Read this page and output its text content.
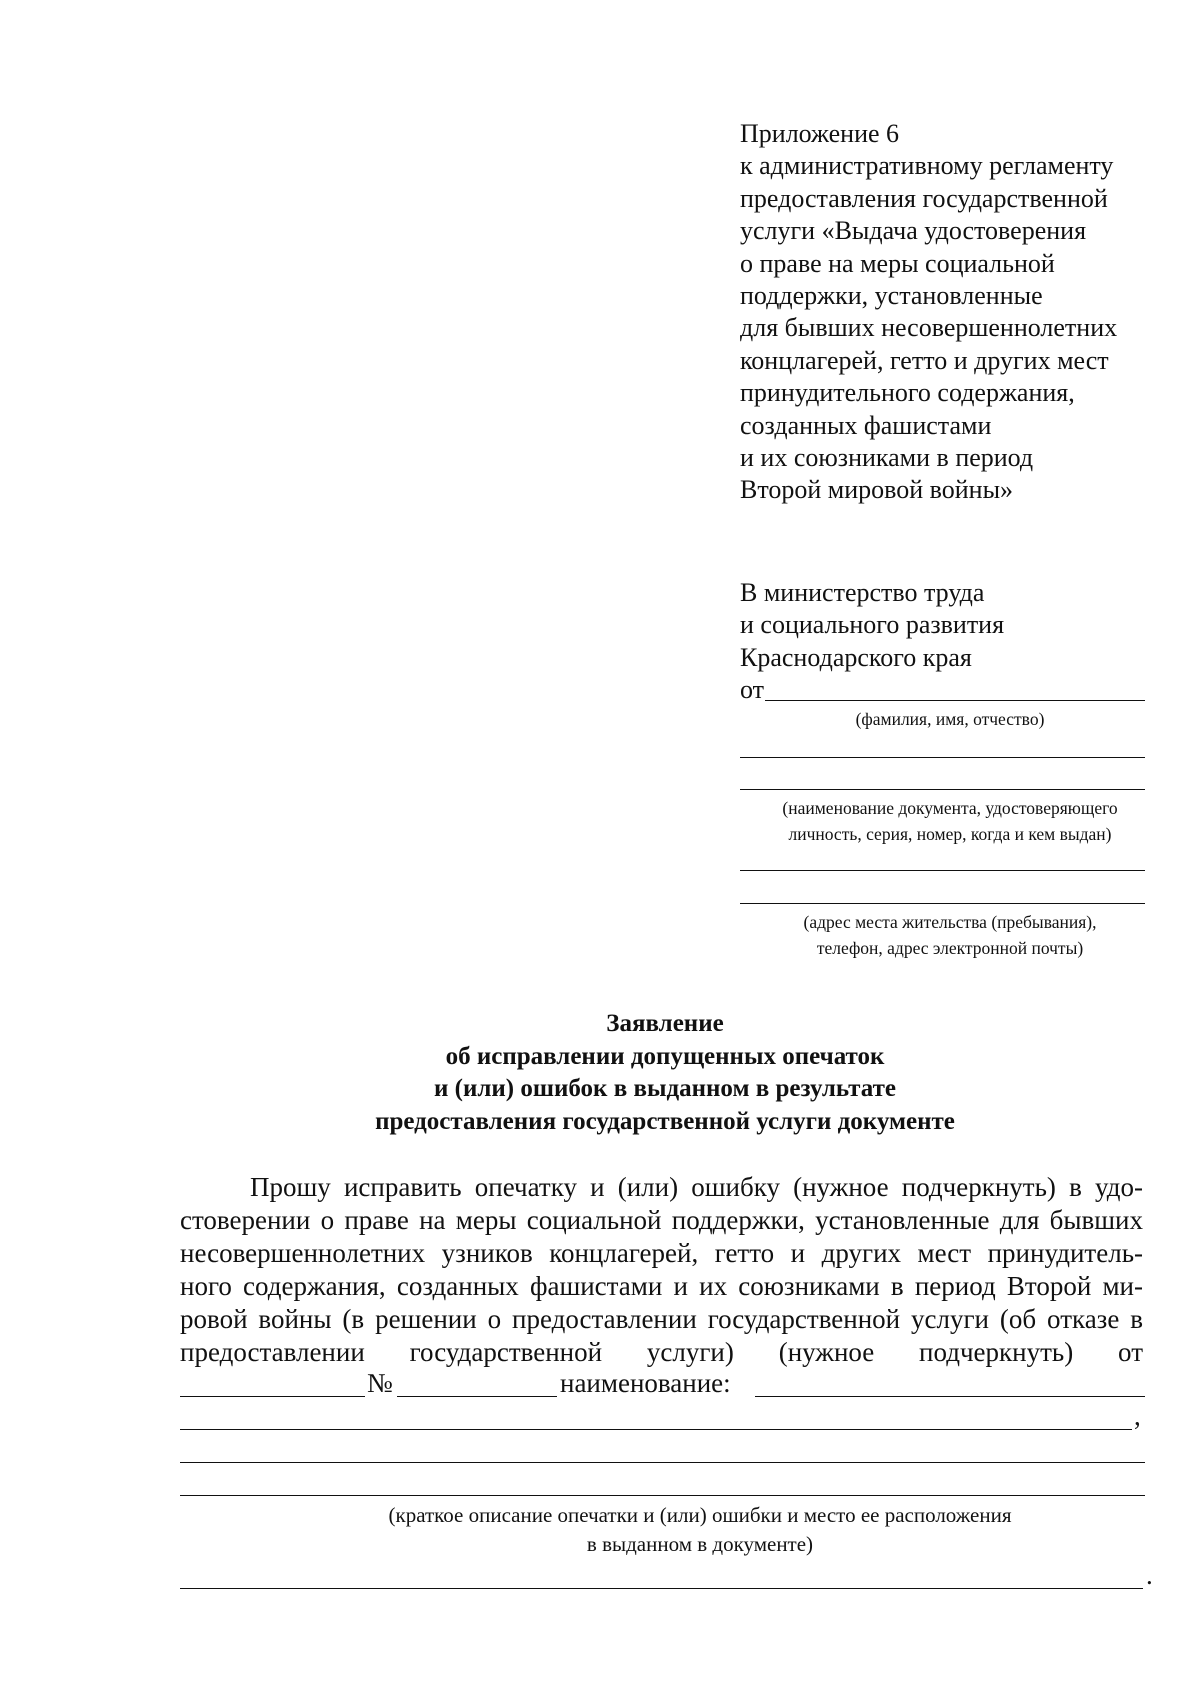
Приложение 6
к административному регламенту
предоставления государственной
услуги «Выдача удостоверения
о праве на меры социальной
поддержки, установленные
для бывших несовершеннолетних
концлагерей, гетто и других мест
принудительного содержания,
созданных фашистами
и их союзниками в период
Второй мировой войны»
В министерство труда
и социального развития
Краснодарского края
от
(фамилия, имя, отчество)
(наименование документа, удостоверяющего
личность, серия, номер, когда и кем выдан)
(адрес места жительства (пребывания),
телефон, адрес электронной почты)
Заявление
об исправлении допущенных опечаток
и (или) ошибок в выданном в результате
предоставления государственной услуги документе
Прошу исправить опечатку и (или) ошибку (нужное подчеркнуть) в удо-
стоверении о праве на меры социальной поддержки, установленные для бывших
несовершеннолетних узников концлагерей, гетто и других мест принудитель-
ного содержания, созданных фашистами и их союзниками в период Второй ми-
ровой войны (в решении о предоставлении государственной услуги (об отказе в
предоставлении государственной услуги) (нужное подчеркнуть) от
№	наименование:
,
(краткое описание опечатки и (или) ошибки и место ее расположения
в выданном в документе)
.
